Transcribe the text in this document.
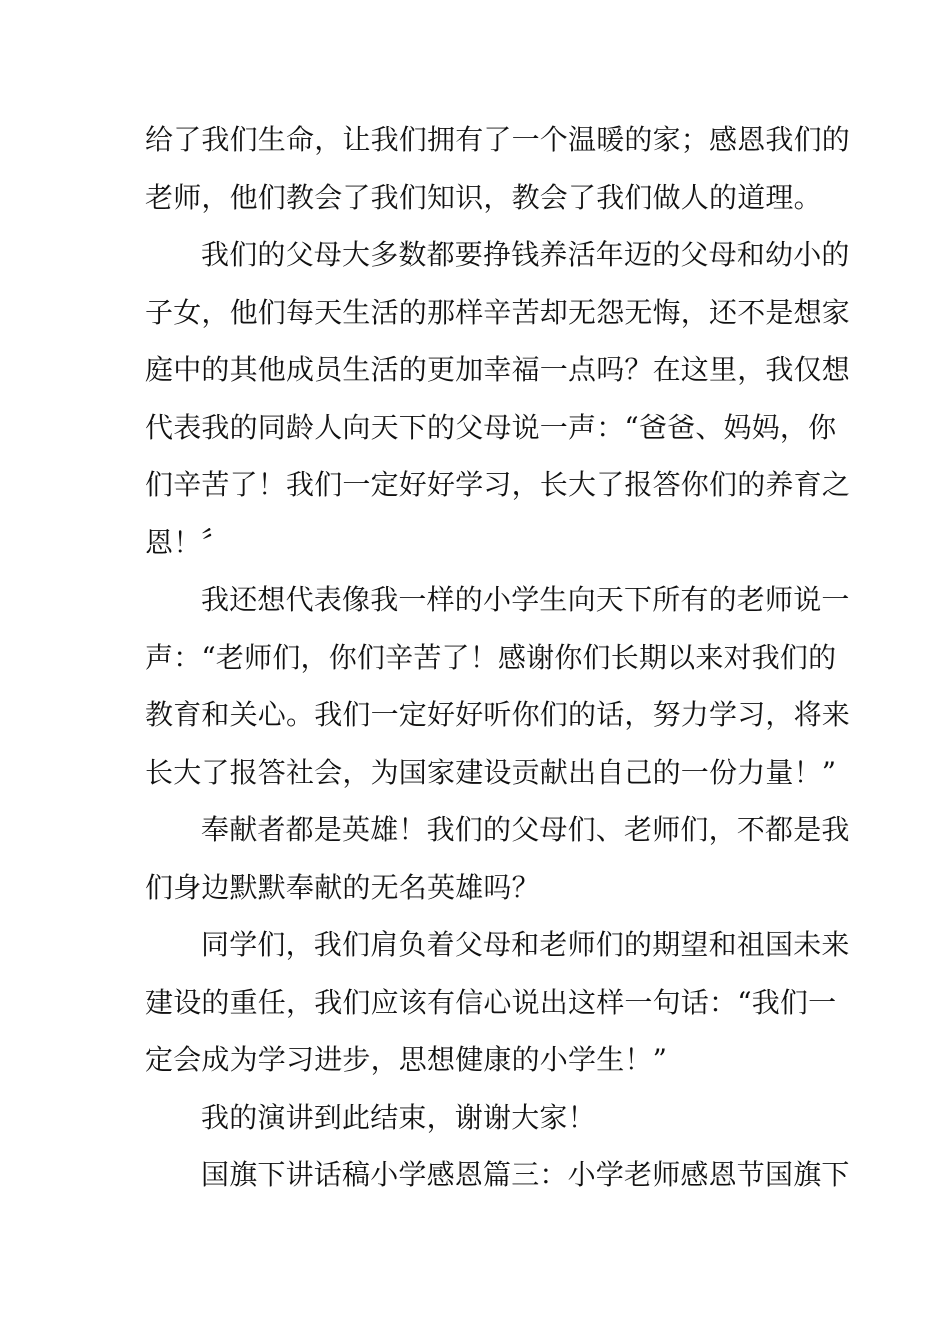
给了我们生命，让我们拥有了一个温暖的家；感恩我们的
老师，他们教会了我们知识，教会了我们做人的道理。
我们的父母大多数都要挣钱养活年迈的父母和幼小的
子女，他们每天生活的那样辛苦却无怨无悔，还不是想家
庭中的其他成员生活的更加幸福一点吗？在这里，我仅想
代表我的同龄人向天下的父母说一声：“爸爸、妈妈，你
们辛苦了！我们一定好好学习，长大了报答你们的养育之
恩！〞
我还想代表像我一样的小学生向天下所有的老师说一
声：“老师们，你们辛苦了！感谢你们长期以来对我们的
教育和关心。我们一定好好听你们的话，努力学习，将来
长大了报答社会，为国家建设贡献出自己的一份力量！”
奉献者都是英雄！我们的父母们、老师们，不都是我
们身边默默奉献的无名英雄吗？
同学们，我们肩负着父母和老师们的期望和祖国未来
建设的重任，我们应该有信心说出这样一句话：“我们一
定会成为学习进步，思想健康的小学生！”
我的演讲到此结束，谢谢大家！
国旗下讲话稿小学感恩篇三：小学老师感恩节国旗下
